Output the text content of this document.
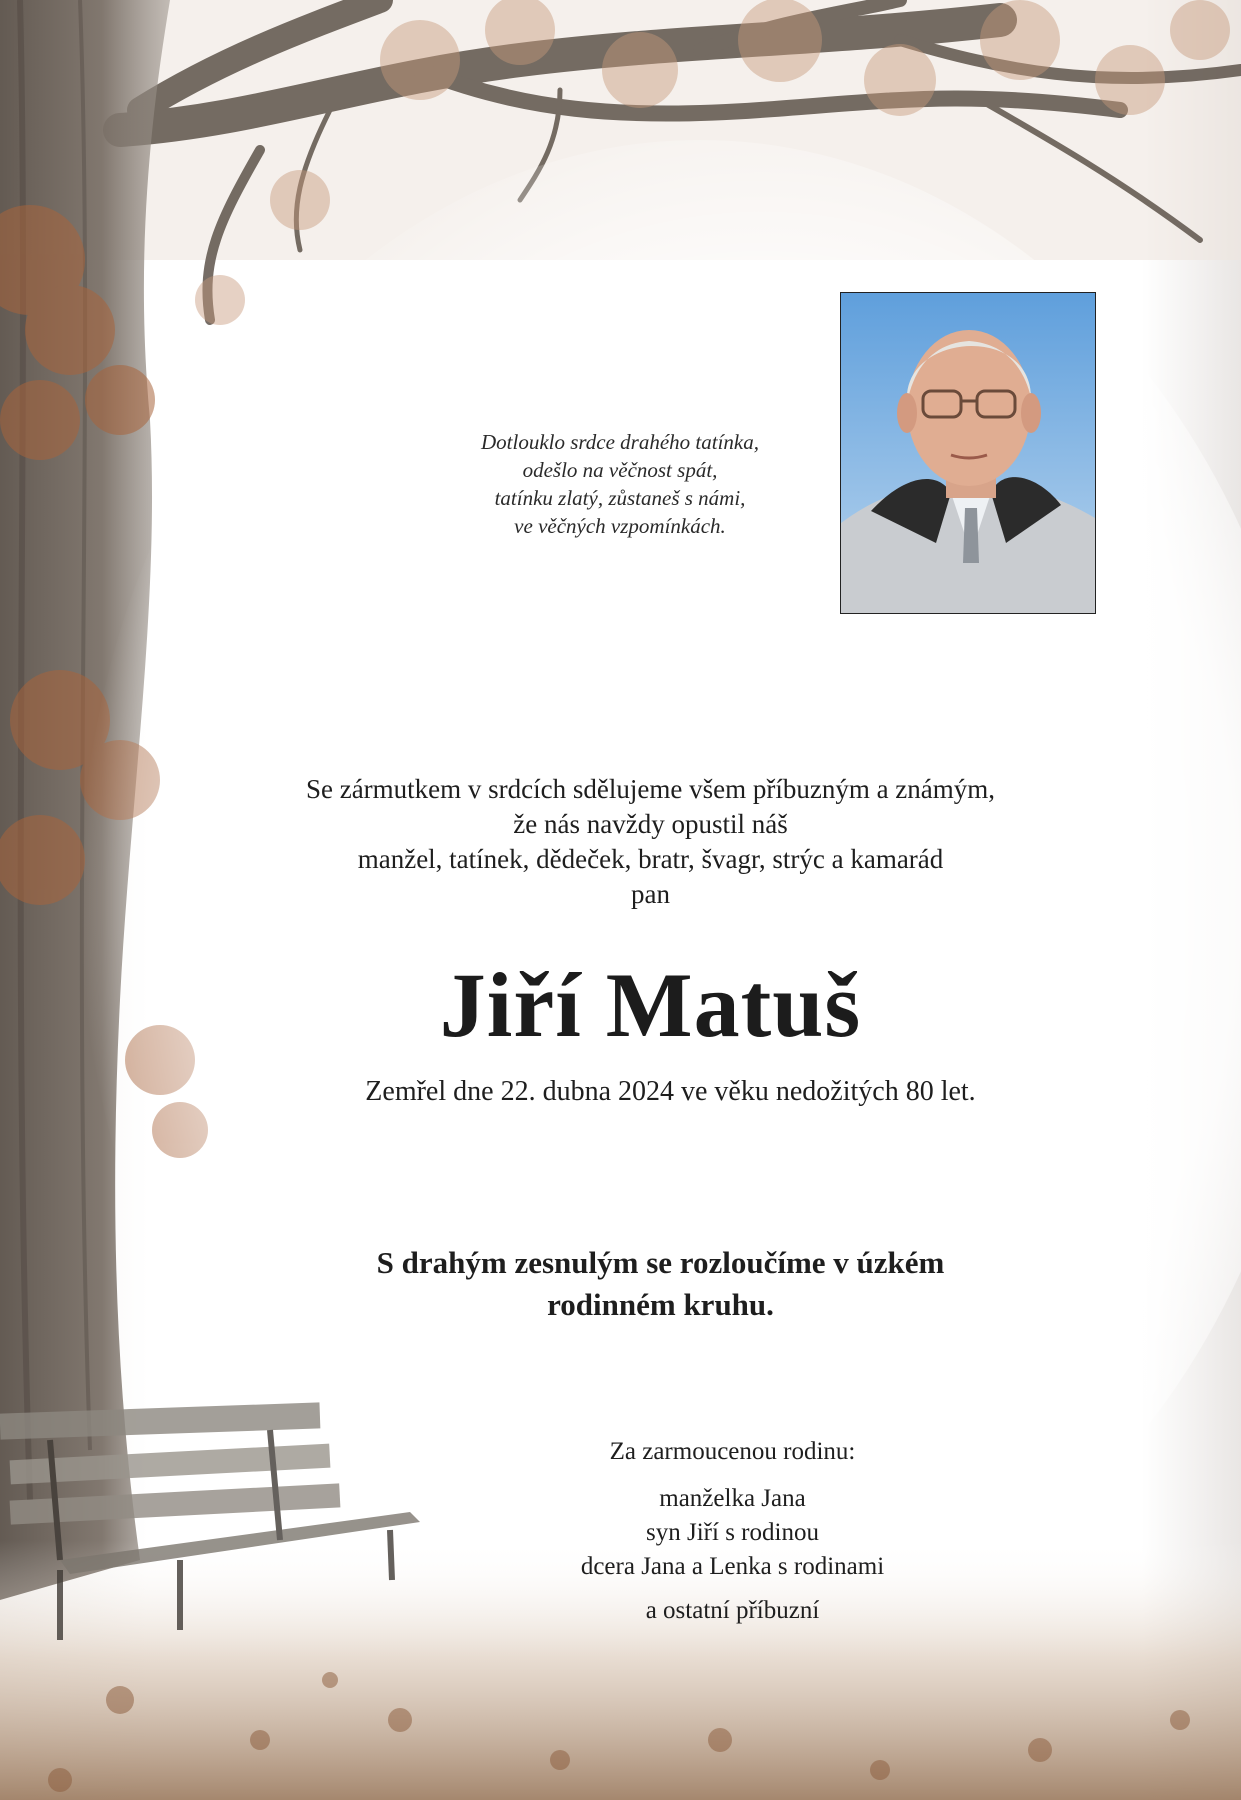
Dotlouklo srdce drahého tatínka,
odešlo na věčnost spát,
tatínku zlatý, zůstaneš s námi,
ve věčných vzpomínkách.
Se zármutkem v srdcích sdělujeme všem příbuzným a známým,
že nás navždy opustil náš
manžel, tatínek, dědeček, bratr, švagr, strýc a kamarád
pan
Jiří Matuš
Zemřel dne 22. dubna 2024 ve věku nedožitých 80 let.
S drahým zesnulým se rozloučíme v úzkém
rodinném kruhu.
Za zarmoucenou rodinu:
manželka Jana
syn Jiří s rodinou
dcera Jana a Lenka s rodinami
a ostatní příbuzní
